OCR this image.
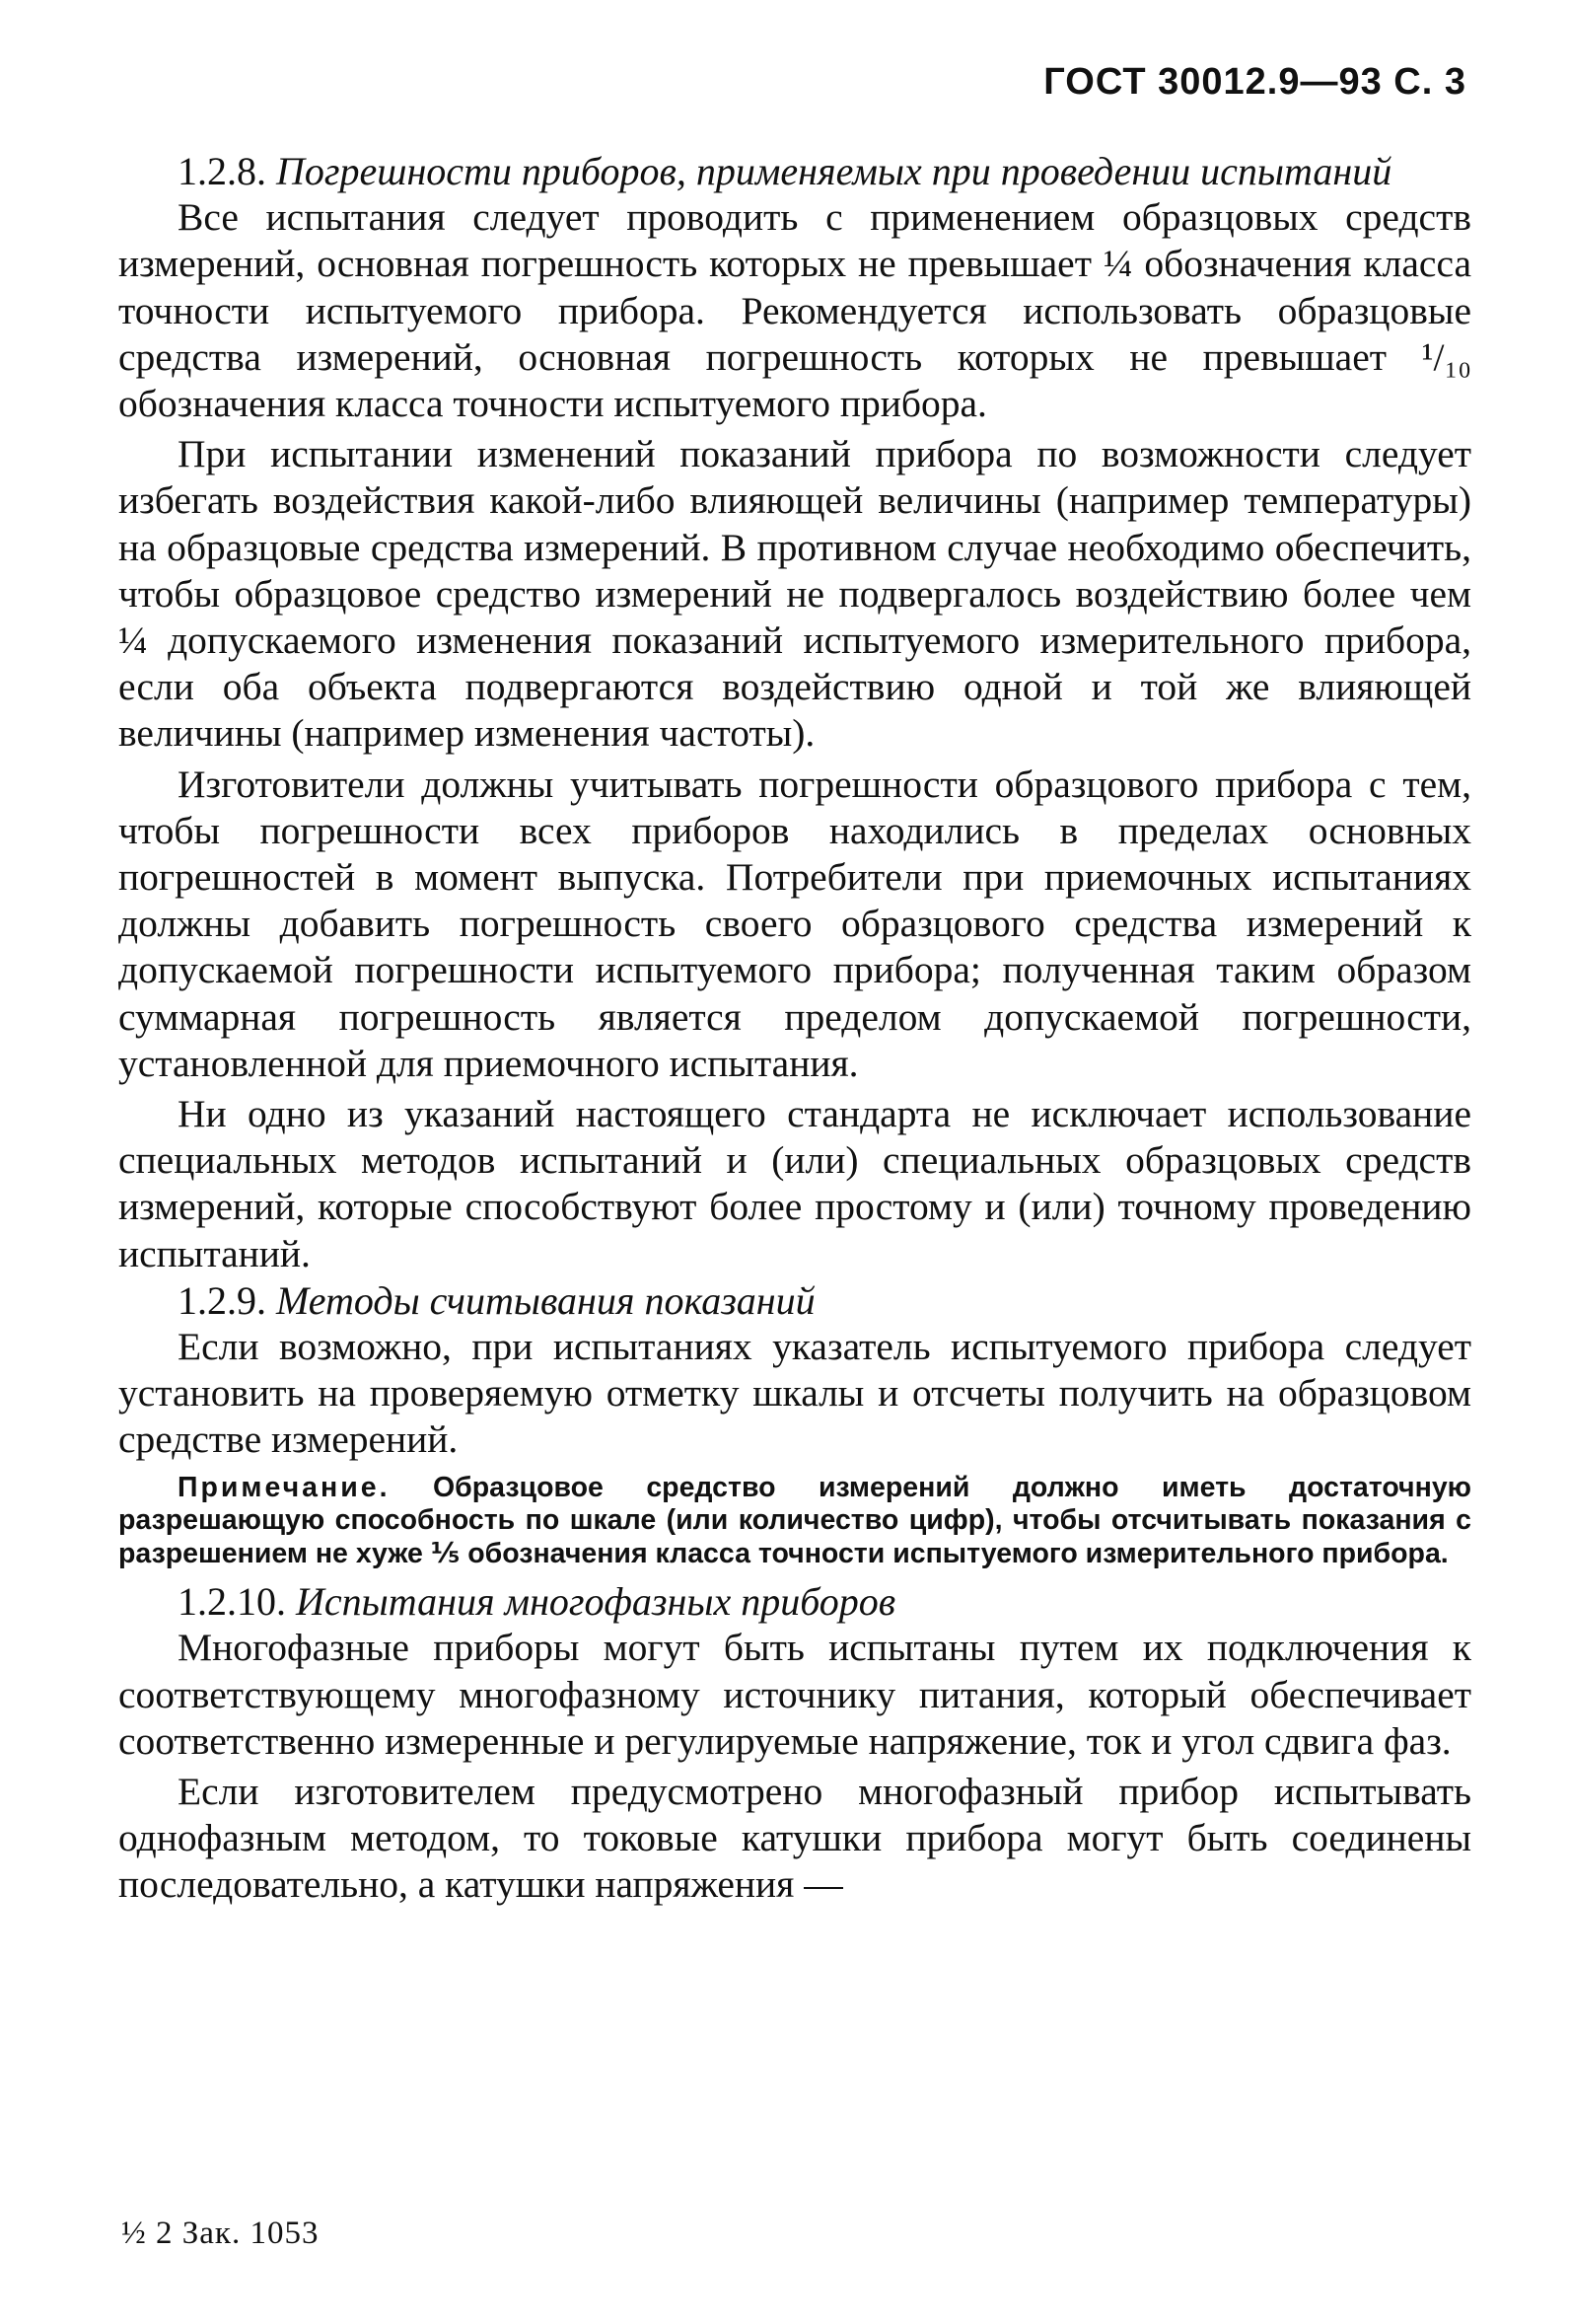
ГОСТ 30012.9—93 С. 3

1.2.8. Погрешности приборов, применяемых при проведении испытаний

Все испытания следует проводить с применением образцовых средств измерений, основная погрешность которых не превышает ¼ обозначения класса точности испытуемого прибора. Рекомендуется использовать образцовые средства измерений, основная погрешность которых не превышает ¹/₁₀ обозначения класса точности испытуемого прибора.

При испытании изменений показаний прибора по возможности следует избегать воздействия какой-либо влияющей величины (например температуры) на образцовые средства измерений. В противном случае необходимо обеспечить, чтобы образцовое средство измерений не подвергалось воздействию более чем ¼ допускаемого изменения показаний испытуемого измерительного прибора, если оба объекта подвергаются воздействию одной и той же влияющей величины (например изменения частоты).

Изготовители должны учитывать погрешности образцового прибора с тем, чтобы погрешности всех приборов находились в пределах основных погрешностей в момент выпуска. Потребители при приемочных испытаниях должны добавить погрешность своего образцового средства измерений к допускаемой погрешности испытуемого прибора; полученная таким образом суммарная погрешность является пределом допускаемой погрешности, установленной для приемочного испытания.

Ни одно из указаний настоящего стандарта не исключает использование специальных методов испытаний и (или) специальных образцовых средств измерений, которые способствуют более простому и (или) точному проведению испытаний.

1.2.9. Методы считывания показаний

Если возможно, при испытаниях указатель испытуемого прибора следует установить на проверяемую отметку шкалы и отсчеты получить на образцовом средстве измерений.

Примечание. Образцовое средство измерений должно иметь достаточную разрешающую способность по шкале (или количество цифр), чтобы отсчитывать показания с разрешением не хуже ⅕ обозначения класса точности испытуемого измерительного прибора.

1.2.10. Испытания многофазных приборов

Многофазные приборы могут быть испытаны путем их подключения к соответствующему многофазному источнику питания, который обеспечивает соответственно измеренные и регулируемые напряжение, ток и угол сдвига фаз.

Если изготовителем предусмотрено многофазный прибор испытывать однофазным методом, то токовые катушки прибора могут быть соединены последовательно, а катушки напряжения —

½ 2 Зак. 1053
